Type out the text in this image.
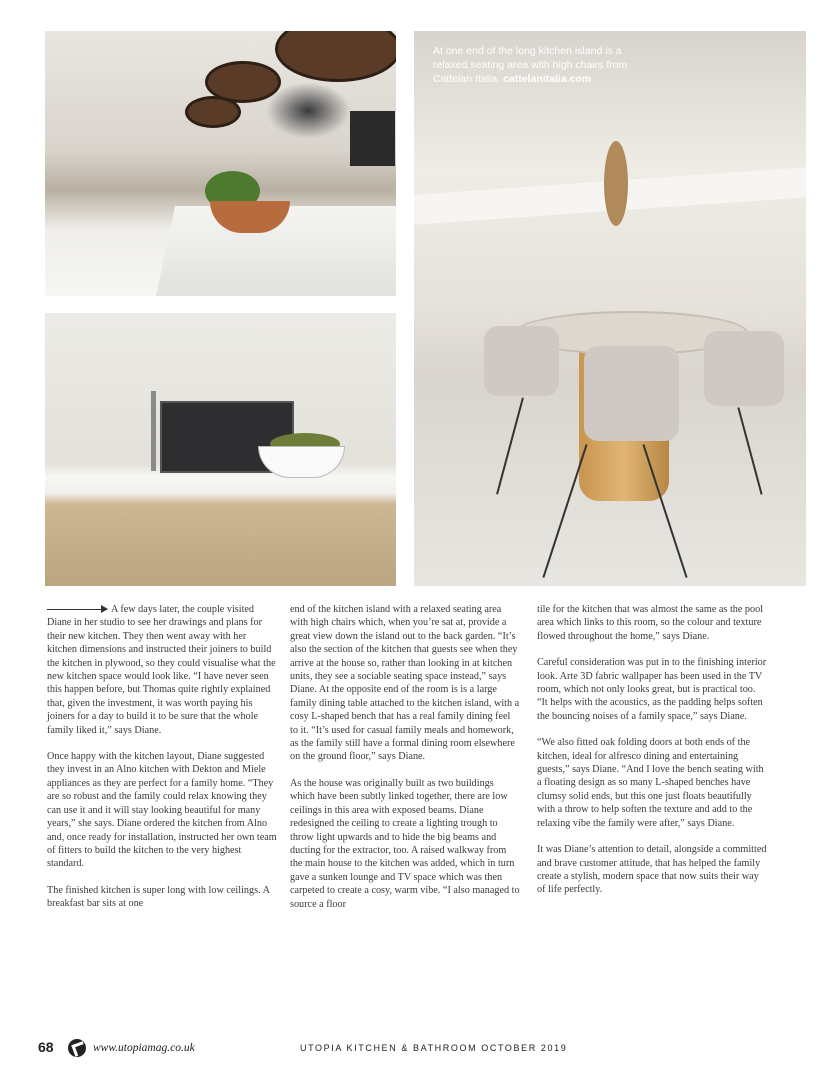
At one end of the long kitchen island is a relaxed seating area with high chairs from Cattelan Italia. cattelanitalia.com

A few days later, the couple visited Diane in her studio to see her drawings and plans for their new kitchen. They then went away with her kitchen dimensions and instructed their joiners to build the kitchen in plywood, so they could visualise what the new kitchen space would look like. “I have never seen this happen before, but Thomas quite rightly explained that, given the investment, it was worth paying his joiners for a day to build it to be sure that the whole family liked it,” says Diane.

Once happy with the kitchen layout, Diane suggested they invest in an Alno kitchen with Dekton and Miele appliances as they are perfect for a family home. “They are so robust and the family could relax knowing they can use it and it will stay looking beautiful for many years,” she says. Diane ordered the kitchen from Alno and, once ready for installation, instructed her own team of fitters to build the kitchen to the very highest standard.

The finished kitchen is super long with low ceilings. A breakfast bar sits at one

end of the kitchen island with a relaxed seating area with high chairs which, when you’re sat at, provide a great view down the island out to the back garden. “It’s also the section of the kitchen that guests see when they arrive at the house so, rather than looking in at kitchen units, they see a sociable seating space instead,” says Diane. At the opposite end of the room is is a large family dining table attached to the kitchen island, with a cosy L-shaped bench that has a real family dining feel to it. “It’s used for casual family meals and homework, as the family still have a formal dining room elsewhere on the ground floor,” says Diane.

As the house was originally built as two buildings which have been subtly linked together, there are low ceilings in this area with exposed beams. Diane redesigned the ceiling to create a lighting trough to throw light upwards and to hide the big beams and ducting for the extractor, too. A raised walkway from the main house to the kitchen was added, which in turn gave a sunken lounge and TV space which was then carpeted to create a cosy, warm vibe. “I also managed to source a floor

tile for the kitchen that was almost the same as the pool area which links to this room, so the colour and texture flowed throughout the home,” says Diane.

Careful consideration was put in to the finishing interior look. Arte 3D fabric wallpaper has been used in the TV room, which not only looks great, but is practical too. “It helps with the acoustics, as the padding helps soften the bouncing noises of a family space,” says Diane.

“We also fitted oak folding doors at both ends of the kitchen, ideal for alfresco dining and entertaining guests,” says Diane. “And I love the bench seating with a floating design as so many L-shaped benches have clumsy solid ends, but this one just floats beautifully with a throw to help soften the texture and add to the relaxing vibe the family were after,” says Diane.

It was Diane’s attention to detail, alongside a committed and brave customer attitude, that has helped the family create a stylish, modern space that now suits their way of life perfectly.

68	www.utopiamag.co.uk	UTOPIA KITCHEN & BATHROOM OCTOBER 2019
